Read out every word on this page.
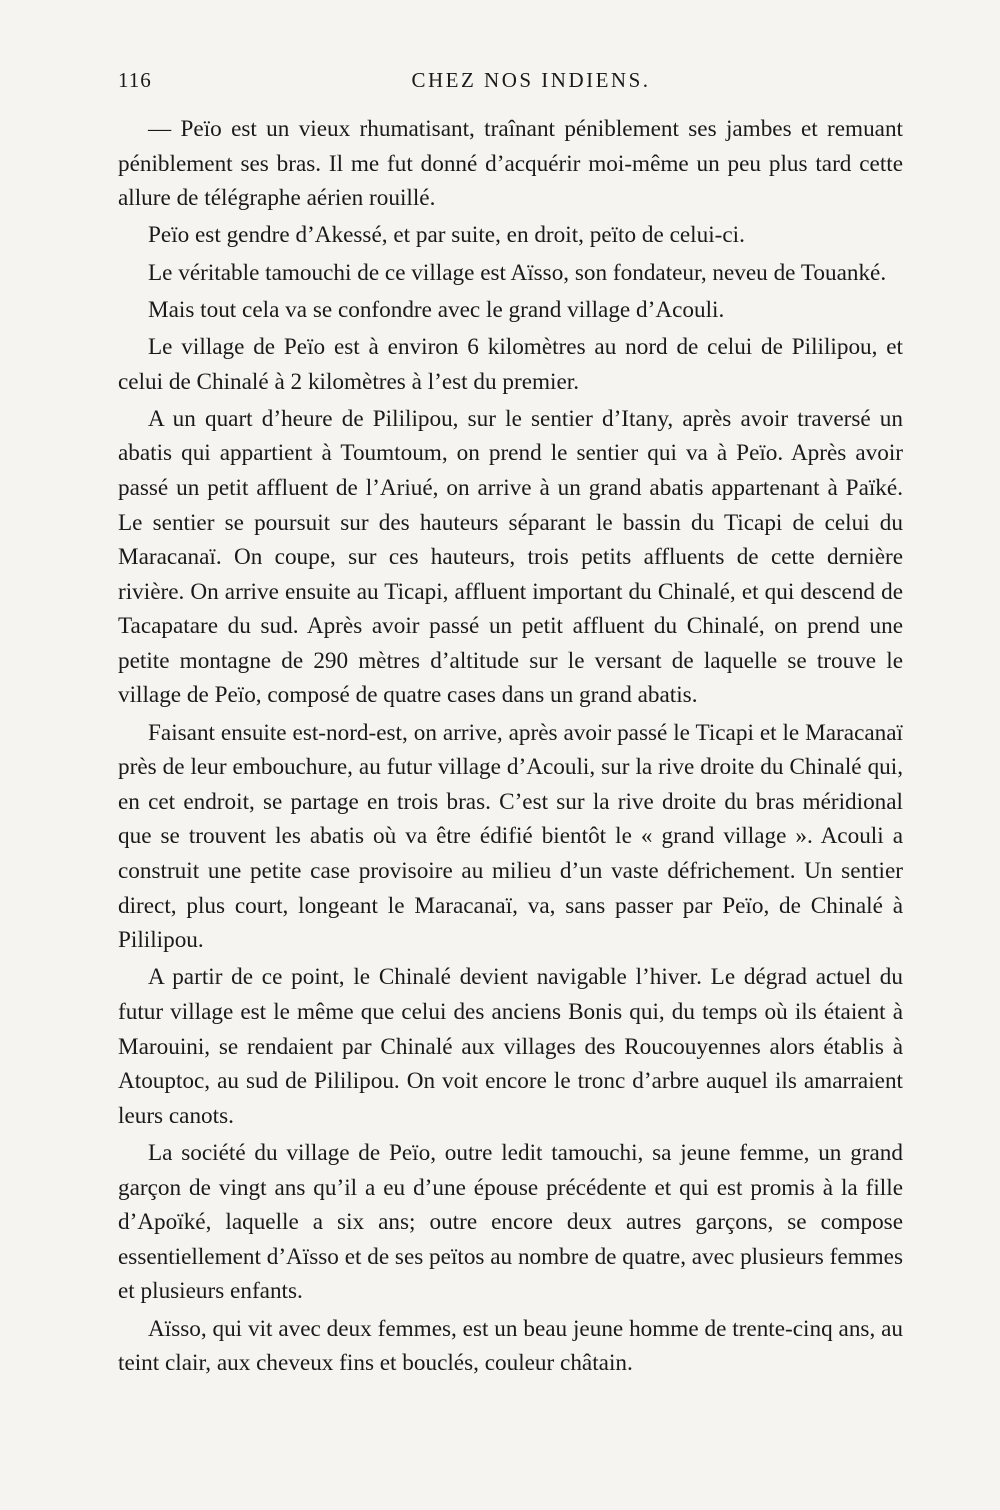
116	CHEZ NOS INDIENS.

— Peïo est un vieux rhumatisant, traînant péniblement ses jambes et remuant péniblement ses bras. Il me fut donné d’acquérir moi-même un peu plus tard cette allure de télégraphe aérien rouillé.

Peïo est gendre d’Akessé, et par suite, en droit, peïto de celui-ci.

Le véritable tamouchi de ce village est Aïsso, son fondateur, neveu de Touanké.

Mais tout cela va se confondre avec le grand village d’Acouli.

Le village de Peïo est à environ 6 kilomètres au nord de celui de Pililipou, et celui de Chinalé à 2 kilomètres à l’est du premier.

A un quart d’heure de Pililipou, sur le sentier d’Itany, après avoir traversé un abatis qui appartient à Toumtoum, on prend le sentier qui va à Peïo. Après avoir passé un petit affluent de l’Ariué, on arrive à un grand abatis appartenant à Païké. Le sentier se poursuit sur des hauteurs séparant le bassin du Ticapi de celui du Maracanaï. On coupe, sur ces hauteurs, trois petits affluents de cette dernière rivière. On arrive ensuite au Ticapi, affluent important du Chinalé, et qui descend de Tacapatare du sud. Après avoir passé un petit affluent du Chinalé, on prend une petite montagne de 290 mètres d’altitude sur le versant de laquelle se trouve le village de Peïo, composé de quatre cases dans un grand abatis.

Faisant ensuite est-nord-est, on arrive, après avoir passé le Ticapi et le Maracanaï près de leur embouchure, au futur village d’Acouli, sur la rive droite du Chinalé qui, en cet endroit, se partage en trois bras. C’est sur la rive droite du bras méridional que se trouvent les abatis où va être édifié bientôt le « grand village ». Acouli a construit une petite case provisoire au milieu d’un vaste défrichement. Un sentier direct, plus court, longeant le Maracanaï, va, sans passer par Peïo, de Chinalé à Pililipou.

A partir de ce point, le Chinalé devient navigable l’hiver. Le dégrad actuel du futur village est le même que celui des anciens Bonis qui, du temps où ils étaient à Marouini, se rendaient par Chinalé aux villages des Roucouyennes alors établis à Atouptoc, au sud de Pililipou. On voit encore le tronc d’arbre auquel ils amarraient leurs canots.

La société du village de Peïo, outre ledit tamouchi, sa jeune femme, un grand garçon de vingt ans qu’il a eu d’une épouse précédente et qui est promis à la fille d’Apoïké, laquelle a six ans; outre encore deux autres garçons, se compose essentiellement d’Aïsso et de ses peïtos au nombre de quatre, avec plusieurs femmes et plusieurs enfants.

Aïsso, qui vit avec deux femmes, est un beau jeune homme de trente-cinq ans, au teint clair, aux cheveux fins et bouclés, couleur châtain.
